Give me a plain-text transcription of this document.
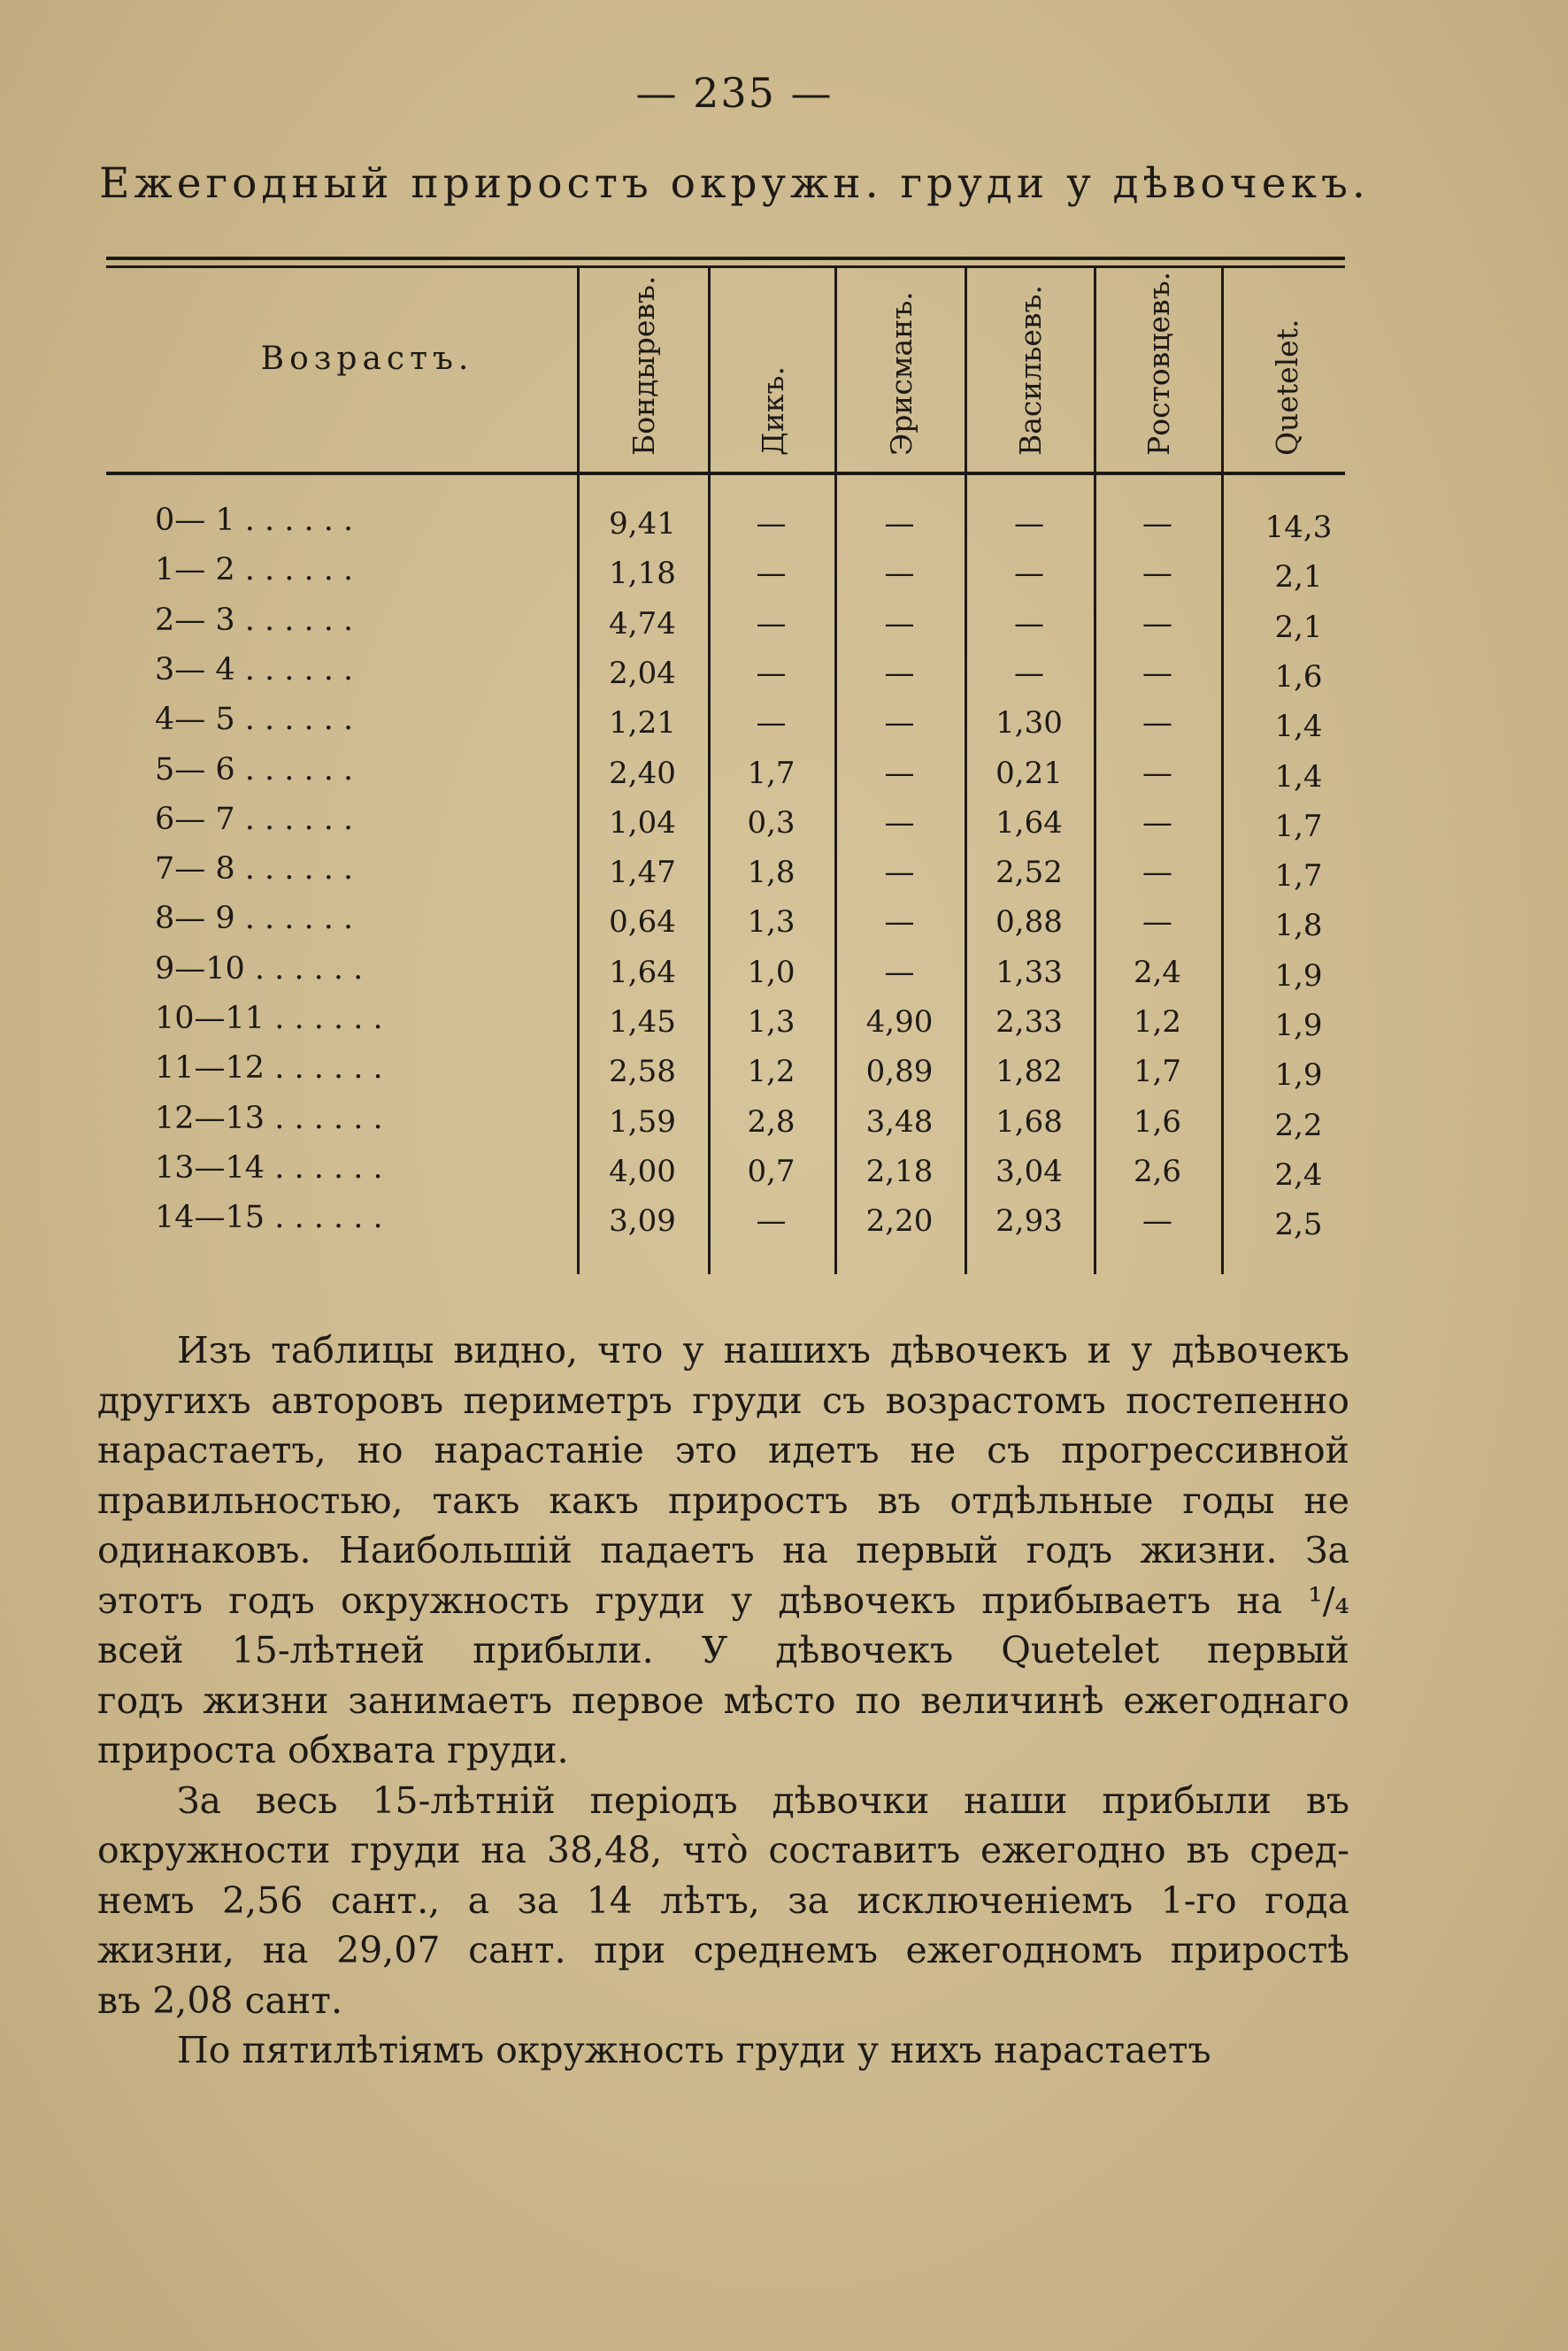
— 235 —
Ежегодный приростъ окружн. груди у дѣвочекъ.
Возрастъ.	Бондыревъ.	Дикъ.	Эрисманъ.	Васильевъ.	Ростовцевъ.	Quetelet.
0— 1 . . . . . .	9,41	—	—	—	—	14,3
1— 2 . . . . . .	1,18	—	—	—	—	2,1
2— 3 . . . . . .	4,74	—	—	—	—	2,1
3— 4 . . . . . .	2,04	—	—	—	—	1,6
4— 5 . . . . . .	1,21	—	—	1,30	—	1,4
5— 6 . . . . . .	2,40	1,7	—	0,21	—	1,4
6— 7 . . . . . .	1,04	0,3	—	1,64	—	1,7
7— 8 . . . . . .	1,47	1,8	—	2,52	—	1,7
8— 9 . . . . . .	0,64	1,3	—	0,88	—	1,8
9—10 . . . . . .	1,64	1,0	—	1,33	2,4	1,9
10—11 . . . . . .	1,45	1,3	4,90	2,33	1,2	1,9
11—12 . . . . . .	2,58	1,2	0,89	1,82	1,7	1,9
12—13 . . . . . .	1,59	2,8	3,48	1,68	1,6	2,2
13—14 . . . . . .	4,00	0,7	2,18	3,04	2,6	2,4
14—15 . . . . . .	3,09	—	2,20	2,93	—	2,5

Изъ таблицы видно, что у нашихъ дѣвочекъ и у дѣвочекъ
другихъ авторовъ периметръ груди съ возрастомъ постепенно
нарастаетъ, но нарастаніе это идетъ не съ прогрессивной
правильностью, такъ какъ приростъ въ отдѣльные годы не
одинаковъ. Наибольшій падаетъ на первый годъ жизни. За
этотъ годъ окружность груди у дѣвочекъ прибываетъ на ¹/₄
всей 15-лѣтней прибыли. У дѣвочекъ Quetelet первый
годъ жизни занимаетъ первое мѣсто по величинѣ ежегоднаго
прироста обхвата груди.

За весь 15-лѣтній періодъ дѣвочки наши прибыли въ
окружности груди на 38,48, что̀ составитъ ежегодно въ сред-
немъ 2,56 сант., а за 14 лѣтъ, за исключеніемъ 1-го года
жизни, на 29,07 сант. при среднемъ ежегодномъ приростѣ
въ 2,08 сант.

По пятилѣтіямъ окружность груди у нихъ нарастаетъ
